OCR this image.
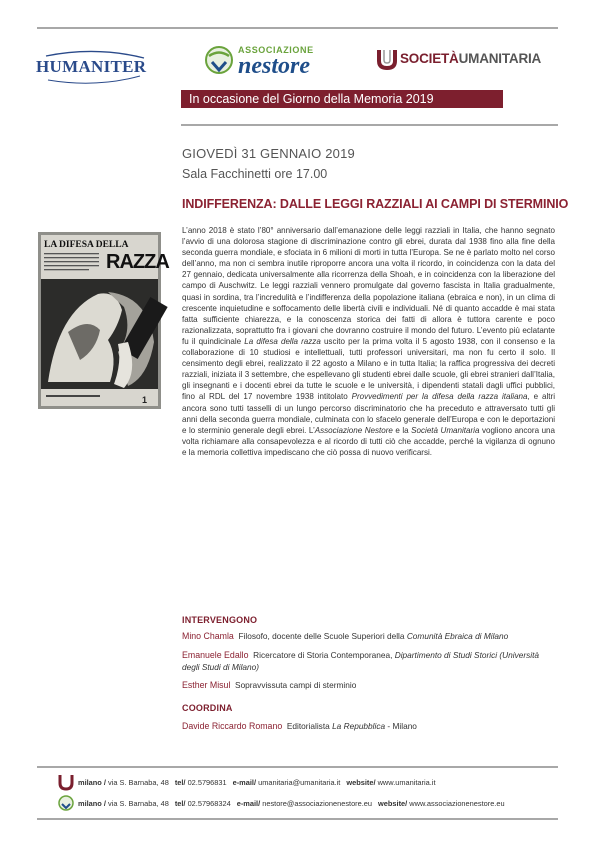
HUMANITER
ASSOCIAZIONE
nestore	SOCIETÀUMANITARIA
In occasione del Giorno della Memoria 2019
GIOVEDÌ 31 GENNAIO 2019
Sala Facchinetti ore 17.00
INDIFFERENZA: DALLE LEGGI RAZZIALI AI CAMPI DI STERMINIO
LA DIFESA DELLA
RAZZA
1
L’anno 2018 è stato l’80° anniversario dall’emanazione delle leggi razziali in Italia, che hanno segnato l’avvio di una dolorosa stagione di discriminazione contro gli ebrei, durata dal 1938 fino alla fine della seconda guerra mondiale, e sfociata in 6 milioni di morti in tutta l’Europa. Se ne è parlato molto nel corso dell’anno, ma non ci sembra inutile riproporre ancora una volta il ricordo, in coincidenza con la data del 27 gennaio, dedicata universalmente alla ricorrenza della Shoah, e in coincidenza con la liberazione del campo di Auschwitz. Le leggi razziali vennero promulgate dal governo fascista in Italia gradualmente, quasi in sordina, tra l’incredulità e l’indifferenza della popolazione italiana (ebraica e non), in un clima di crescente inquietudine e soffocamento delle libertà civili e individuali. Né di quanto accadde è mai stata fatta sufficiente chiarezza, e la conoscenza storica dei fatti di allora è tuttora carente e poco razionalizzata, soprattutto fra i giovani che dovranno costruire il mondo del futuro. L’evento più eclatante fu il quindicinale La difesa della razza uscito per la prima volta il 5 agosto 1938, con il consenso e la collaborazione di 10 studiosi e intellettuali, tutti professori universitari, ma non fu certo il solo. Il censimento degli ebrei, realizzato il 22 agosto a Milano e in tutta Italia; la raffica progressiva dei decreti razziali, iniziata il 3 settembre, che espellevano gli studenti ebrei dalle scuole, gli ebrei stranieri dall’Italia, gli insegnanti e i docenti ebrei da tutte le scuole e le università, i dipendenti statali dagli uffici pubblici, fino al RDL del 17 novembre 1938 intitolato Provvedimenti per la difesa della razza italiana, e altri ancora sono tutti tasselli di un lungo percorso discriminatorio che ha preceduto e attraversato tutti gli anni della seconda guerra mondiale, culminata con lo sfacelo generale dell’Europa e con le deportazioni e lo sterminio generale degli ebrei. L’Associazione Nestore e la Società Umanitaria vogliono ancora una volta richiamare alla consapevolezza e al ricordo di tutti ciò che accadde, perché la vigilanza di ognuno e la memoria collettiva impediscano che ciò possa di nuovo verificarsi.
INTERVENGONO
Mino Chamla Filosofo, docente delle Scuole Superiori della Comunità Ebraica di Milano
Emanuele Edallo Ricercatore di Storia Contemporanea, Dipartimento di Studi Storici (Università degli Studi di Milano)
Esther Misul Sopravvissuta campi di sterminio
COORDINA
Davide Riccardo Romano Editorialista La Repubblica - Milano
milano /
via S. Barnaba, 48 tel/
02.5796831 e-mail/
umanitaria@umanitaria.it website/
www.umanitaria.it
milano /
via S. Barnaba, 48 tel/
02.57968324 e-mail/
nestore@associazionenestore.eu website/
www.associazionenestore.eu
